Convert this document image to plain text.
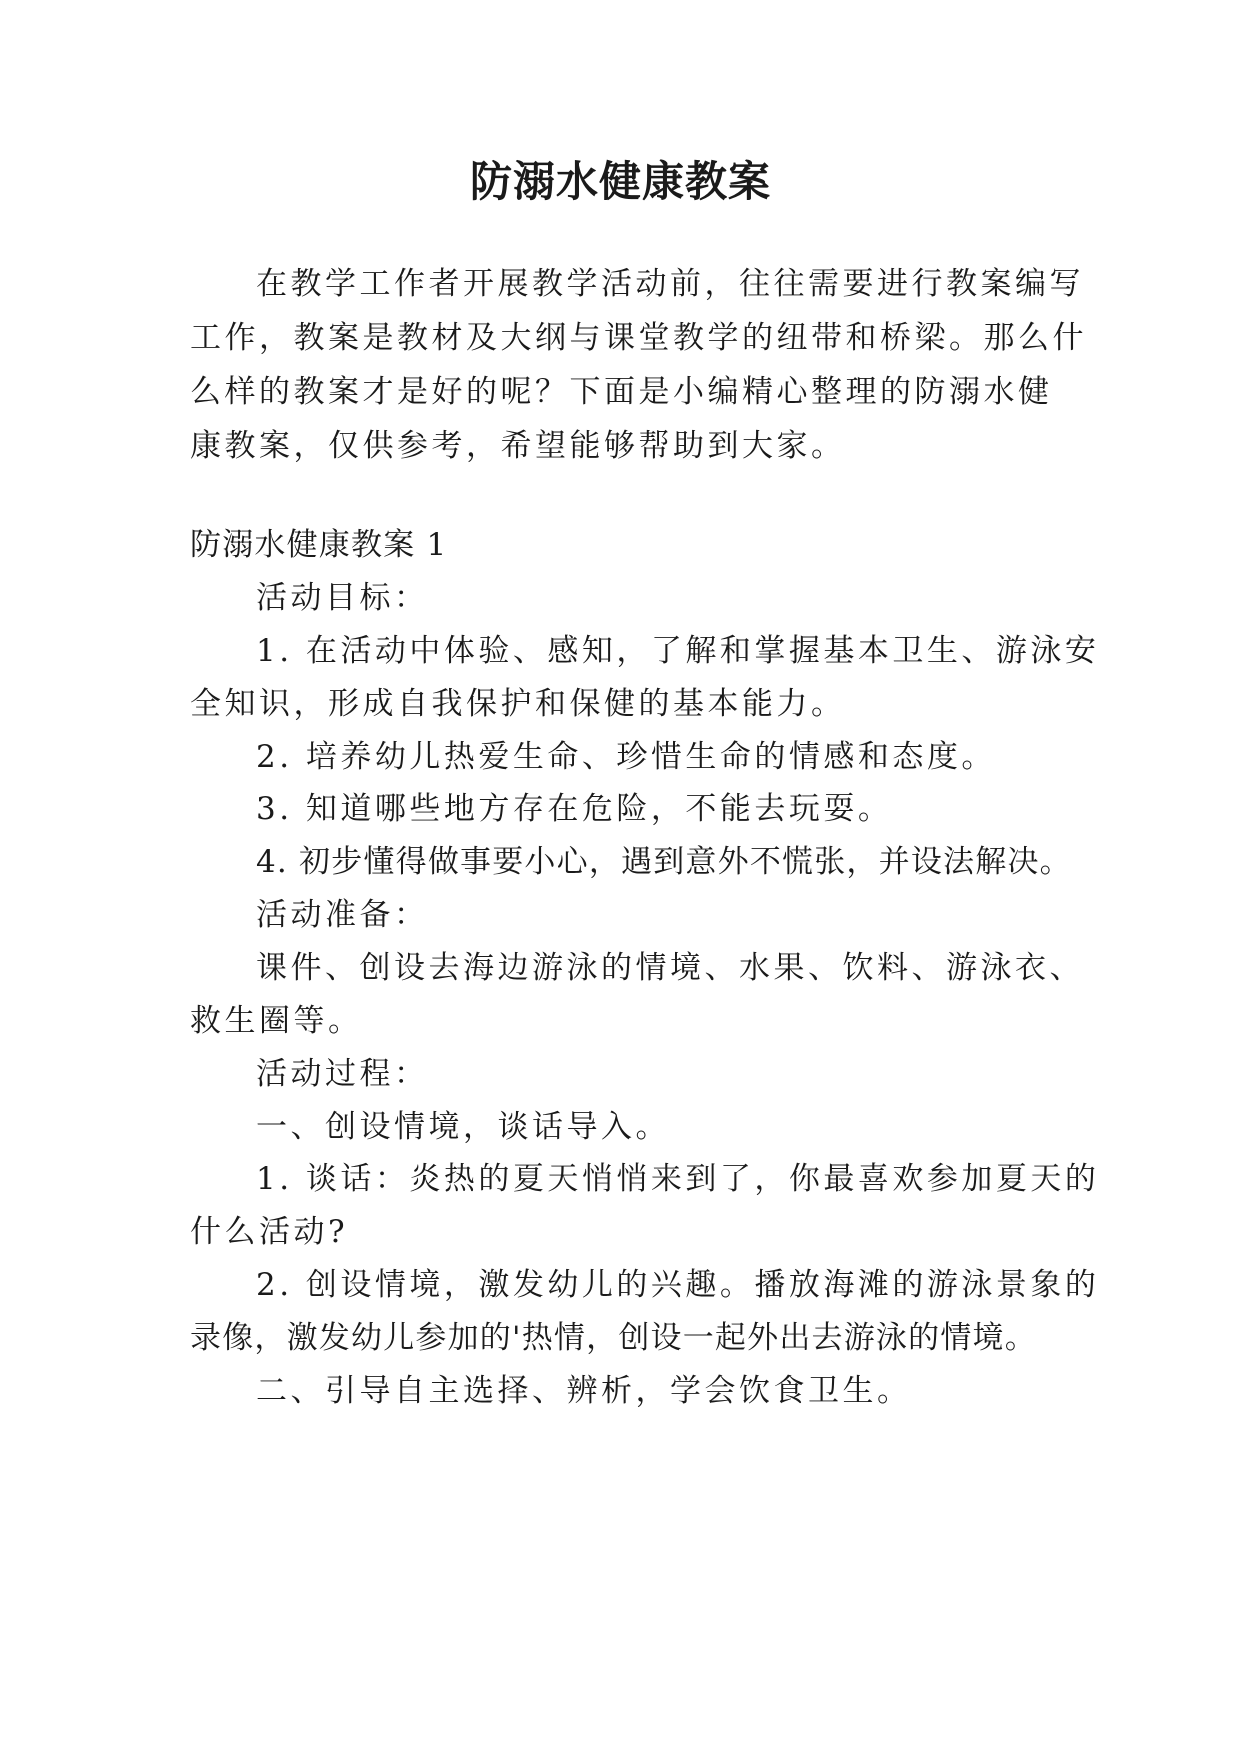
防溺水健康教案
在教学工作者开展教学活动前，往往需要进行教案编写
工作，教案是教材及大纲与课堂教学的纽带和桥梁。那么什
么样的教案才是好的呢？下面是小编精心整理的防溺水健
康教案，仅供参考，希望能够帮助到大家。
防溺水健康教案 1
活动目标：
1. 在活动中体验、感知，了解和掌握基本卫生、游泳安
全知识，形成自我保护和保健的基本能力。
2. 培养幼儿热爱生命、珍惜生命的情感和态度。
3. 知道哪些地方存在危险，不能去玩耍。
4. 初步懂得做事要小心，遇到意外不慌张，并设法解决。
活动准备：
课件、创设去海边游泳的情境、水果、饮料、游泳衣、
救生圈等。
活动过程：
一、创设情境，谈话导入。
1. 谈话：炎热的夏天悄悄来到了，你最喜欢参加夏天的
什么活动?
2. 创设情境，激发幼儿的兴趣。播放海滩的游泳景象的
录像，激发幼儿参加的'热情，创设一起外出去游泳的情境。
二、引导自主选择、辨析，学会饮食卫生。
